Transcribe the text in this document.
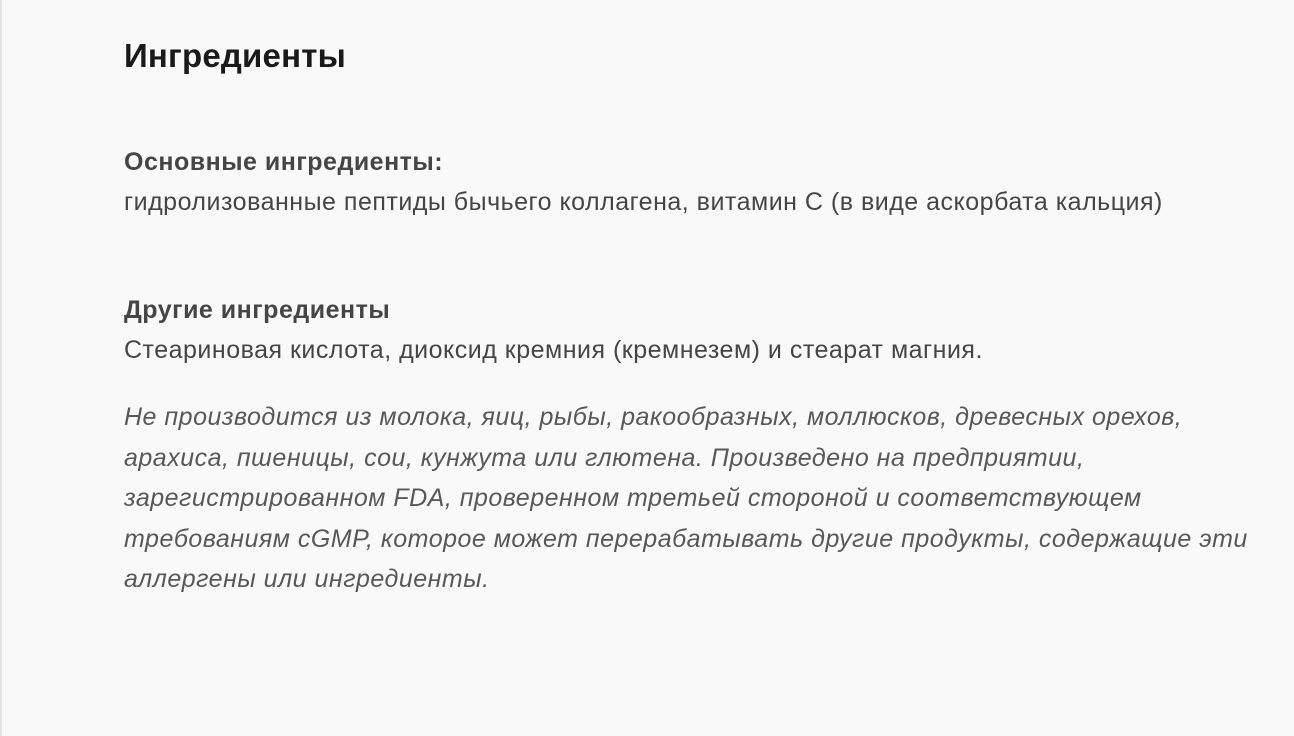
Ингредиенты

Основные ингредиенты:

гидролизованные пептиды бычьего коллагена, витамин С (в виде аскорбата кальция)

Другие ингредиенты

Стеариновая кислота, диоксид кремния (кремнезем) и стеарат магния.

Не производится из молока, яиц, рыбы, ракообразных, моллюсков, древесных орехов, арахиса, пшеницы, сои, кунжута или глютена. Произведено на предприятии, зарегистрированном FDA, проверенном третьей стороной и соответствующем требованиям cGMP, которое может перерабатывать другие продукты, содержащие эти аллергены или ингредиенты.
